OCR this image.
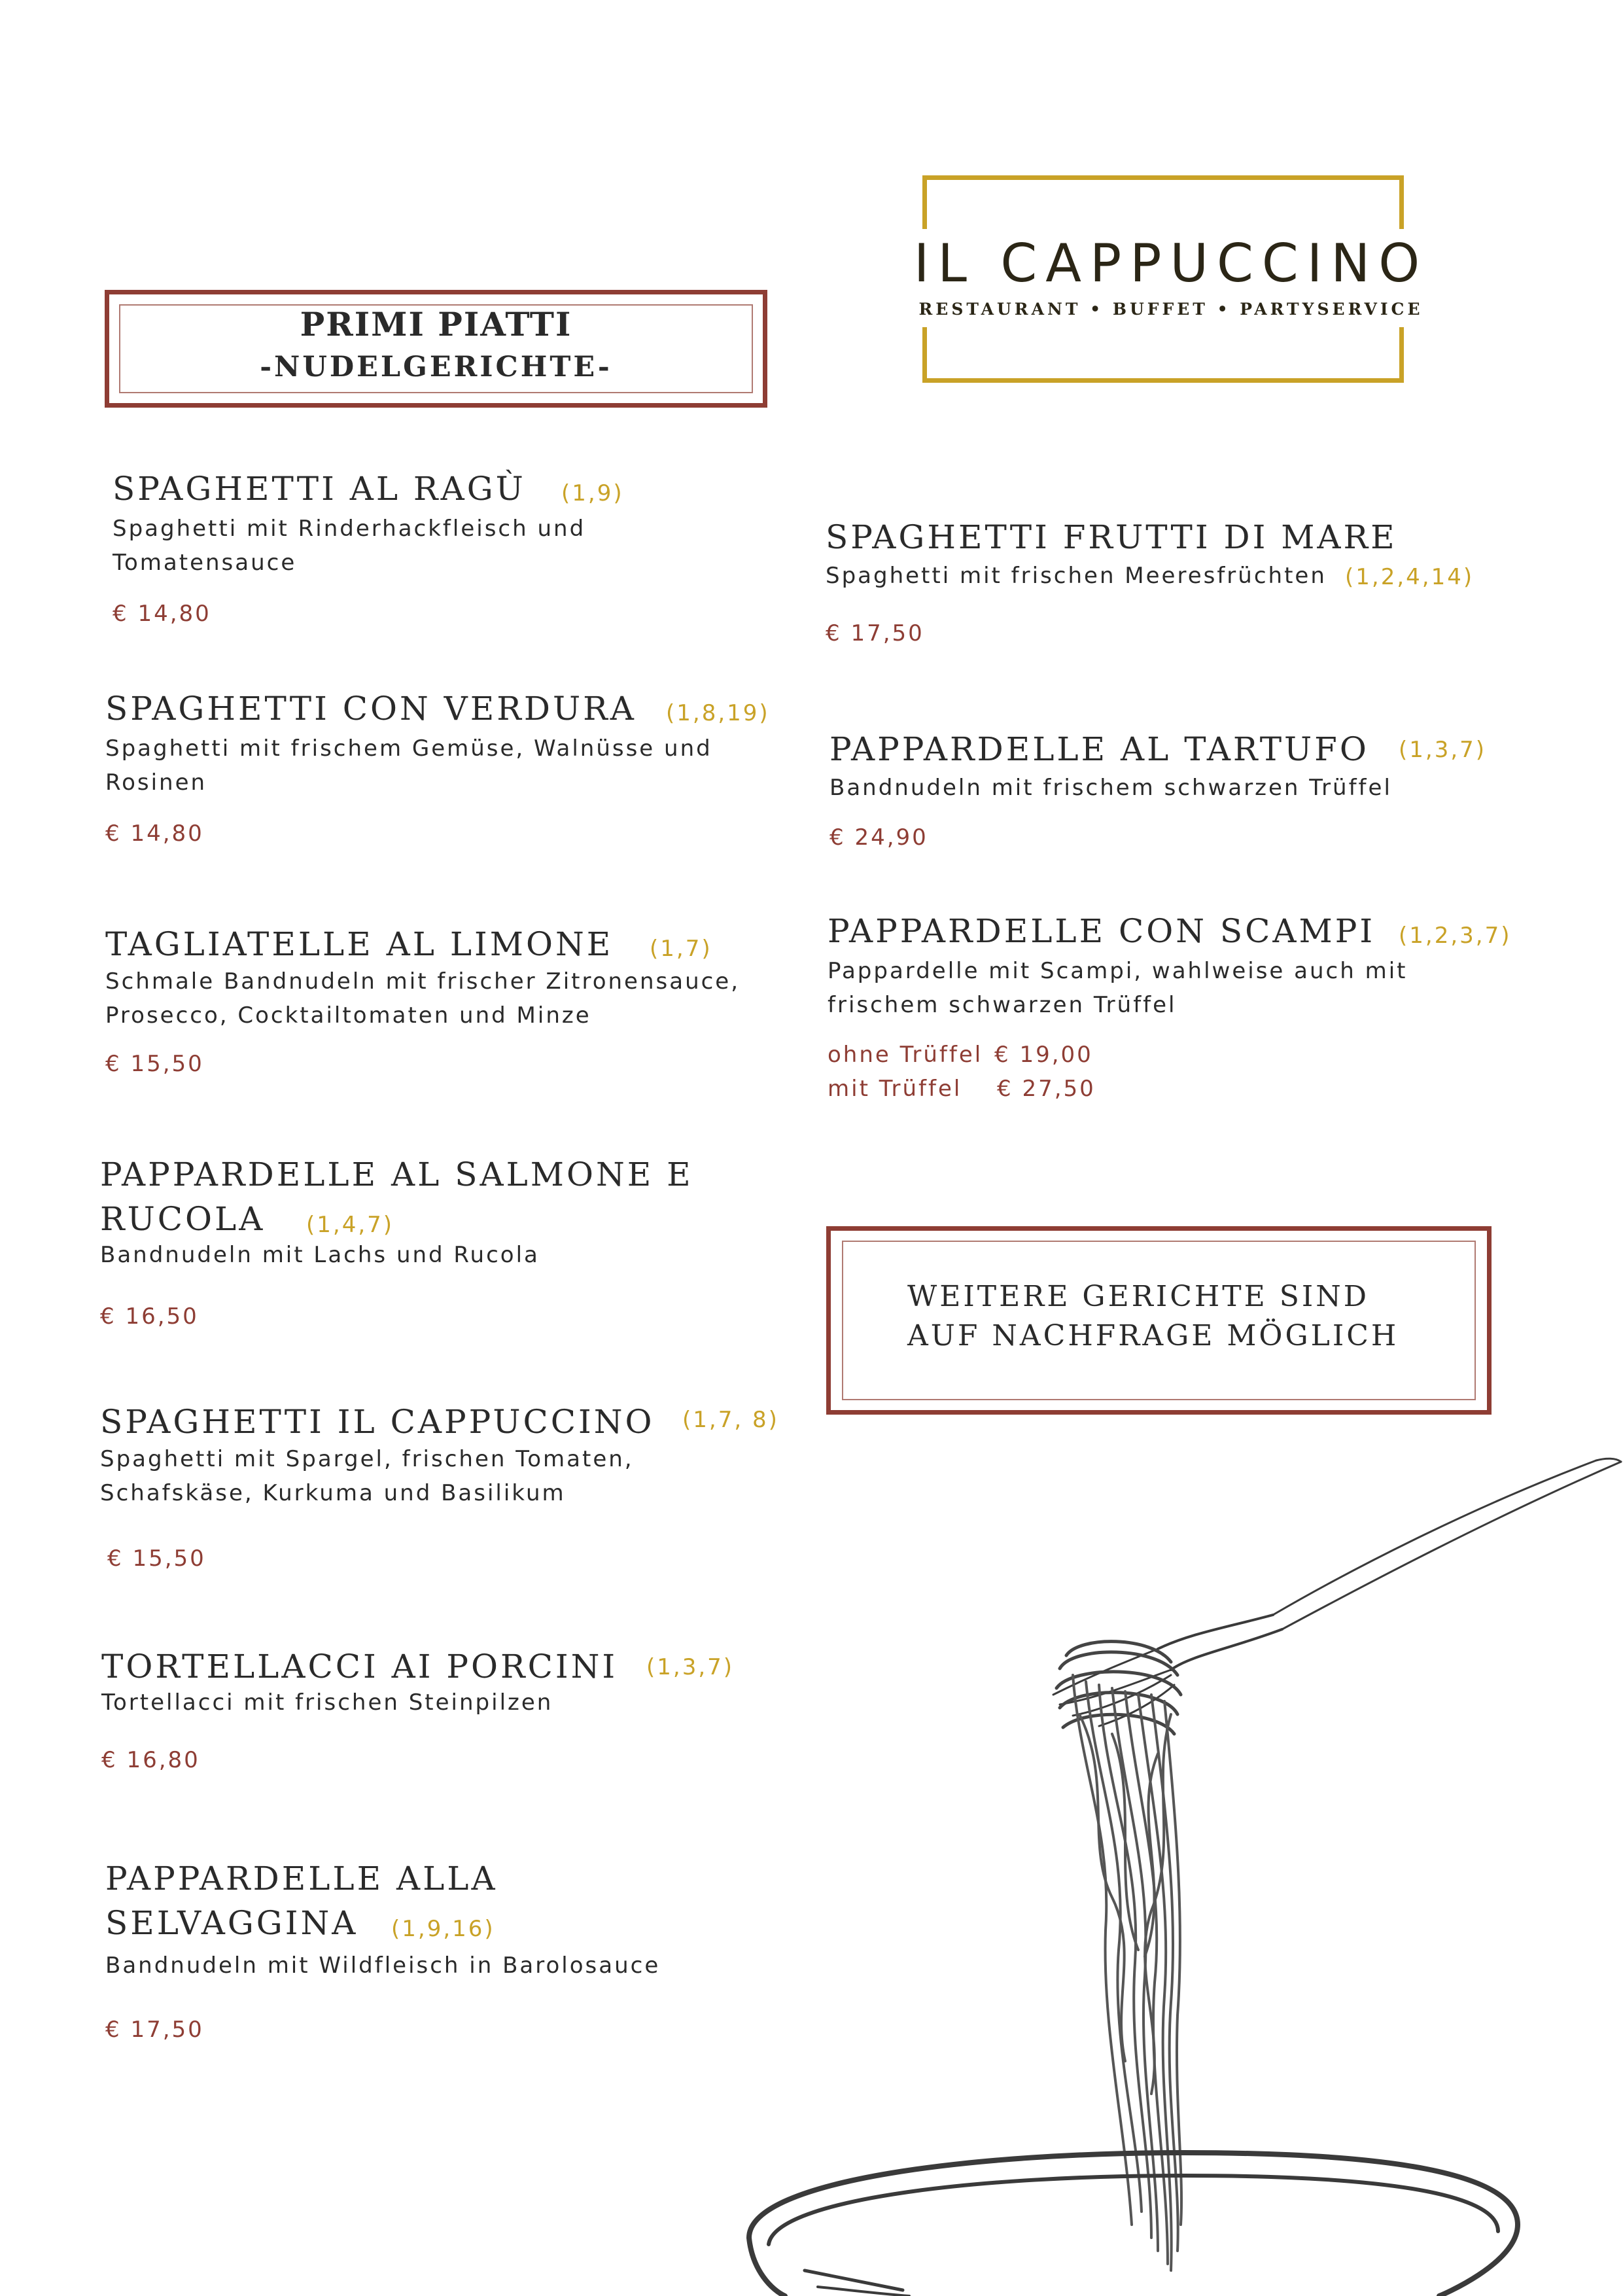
IL CAPPUCCINO
RESTAURANT • BUFFET • PARTYSERVICE
PRIMI PIATTI
-NUDELGERICHTE-
SPAGHETTI AL RAGÙ (1,9)
Spaghetti mit Rinderhackfleisch und
Tomatensauce
€ 14,80
SPAGHETTI CON VERDURA (1,8,19)
Spaghetti mit frischem Gemüse, Walnüsse und
Rosinen
€ 14,80
TAGLIATELLE AL LIMONE (1,7)
Schmale Bandnudeln mit frischer Zitronensauce,
Prosecco, Cocktailtomaten und Minze
€ 15,50
PAPPARDELLE AL SALMONE E
RUCOLA (1,4,7)
Bandnudeln mit Lachs und Rucola
€ 16,50
SPAGHETTI IL CAPPUCCINO (1,7, 8)
Spaghetti mit Spargel, frischen Tomaten,
Schafskäse, Kurkuma und Basilikum
€ 15,50
TORTELLACCI AI PORCINI (1,3,7)
Tortellacci mit frischen Steinpilzen
€ 16,80
PAPPARDELLE ALLA
SELVAGGINA (1,9,16)
Bandnudeln mit Wildfleisch in Barolosauce
€ 17,50
SPAGHETTI FRUTTI DI MARE
Spaghetti mit frischen Meeresfrüchten (1,2,4,14)
€ 17,50
PAPPARDELLE AL TARTUFO (1,3,7)
Bandnudeln mit frischem schwarzen Trüffel
€ 24,90
PAPPARDELLE CON SCAMPI (1,2,3,7)
Pappardelle mit Scampi, wahlweise auch mit
frischem schwarzen Trüffel
ohne Trüffel € 19,00
mit Trüffel € 27,50
WEITERE GERICHTE SIND
AUF NACHFRAGE MÖGLICH
